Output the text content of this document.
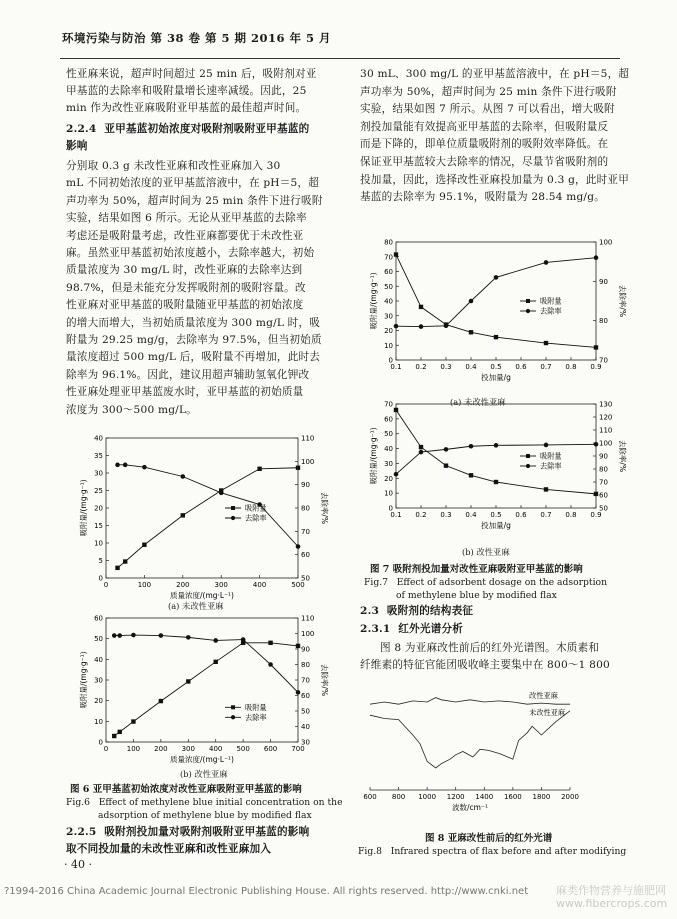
环境污染与防治 第 38 卷 第 5 期 2016 年 5 月

性亚麻来说，超声时间超过 25 min 后，吸附剂对亚

甲基蓝的去除率和吸附量增长速率减缓。因此，25

min 作为改性亚麻吸附亚甲基蓝的最佳超声时间。

2.2.4 亚甲基蓝初始浓度对吸附剂吸附亚甲基蓝的

影响

分别取 0.3 g 未改性亚麻和改性亚麻加入 30

mL 不同初始浓度的亚甲基蓝溶液中，在 pH＝5，超

声功率为 50%，超声时间为 25 min 条件下进行吸附

实验，结果如图 6 所示。无论从亚甲基蓝的去除率

考虑还是吸附量考虑，改性亚麻都要优于未改性亚

麻。虽然亚甲基蓝初始浓度越小，去除率越大，初始

质量浓度为 30 mg/L 时，改性亚麻的去除率达到

98.7%，但是未能充分发挥吸附剂的吸附容量。改

性亚麻对亚甲基蓝的吸附量随亚甲基蓝的初始浓度

的增大而增大，当初始质量浓度为 300 mg/L 时，吸

附量为 29.25 mg/g，去除率为 97.5%，但当初始质

量浓度超过 500 mg/L 后，吸附量不再增加，此时去

除率为 96.1%。因此，建议用超声辅助氢氧化钾改

性亚麻处理亚甲基蓝废水时，亚甲基蓝的初始质量

浓度为 300～500 mg/L。

0	100	200	300	400	500
0
5
10
15
20
25
30
35
40
50
60
70
80
90
100
110
质量浓度/(mg·L⁻¹)
吸附量/(mg·g⁻¹)	去除率/%
吸附量
去除率
(a) 未改性亚麻
0	100 200 300 400 500 600 700
0
10
20
30
40
50
60
30
40
50
60
70
80
90
100
110
质量浓度/(mg·L⁻¹)
吸附量/(mg·g⁻¹)	去除率/%
吸附量
去除率
(b) 改性亚麻
图 6 亚甲基蓝初始浓度对改性亚麻吸附亚甲基蓝的影响
Fig.6   Effect of methylene blue initial concentration on the
adsorption of methylene blue by modified flax

2.2.5 吸附剂投加量对吸附剂吸附亚甲基蓝的影响

取不同投加量的未改性亚麻和改性亚麻加入

· 40 ·

30 mL、300 mg/L 的亚甲基蓝溶液中，在 pH＝5，超

声功率为 50%，超声时间为 25 min 条件下进行吸附

实验，结果如图 7 所示。从图 7 可以看出，增大吸附

剂投加量能有效提高亚甲基蓝的去除率，但吸附量反

而是下降的，即单位质量吸附剂的吸附效率降低。在

保证亚甲基蓝较大去除率的情况，尽量节省吸附剂的

投加量，因此，选择改性亚麻投加量为 0.3 g，此时亚甲

基蓝的去除率为 95.1%，吸附量为 28.54 mg/g。

0.1 0.2 0.3 0.4 0.5 0.6 0.7 0.8 0.9
0
10
20
30
40
50
60
70
80
70
80
90
100
投加量/g
吸附量/(mg·g⁻¹)	去除率/%
吸附量
去除率
(a) 未改性亚麻
0.1 0.2 0.3 0.4 0.5 0.6 0.7 0.8 0.9
0
10
20
30
40
50
60
70
50
60
70
80
90
100
110
120
130
投加量/g
吸附量/(mg·g⁻¹)	去除率/%
吸附量
去除率
(b) 改性亚麻
图 7 吸附剂投加量对改性亚麻吸附亚甲基蓝的影响
Fig.7   Effect of adsorbent dosage on the adsorption
of methylene blue by modified flax

2.3 吸附剂的结构表征

2.3.1 红外光谱分析

图 8 为亚麻改性前后的红外光谱图。木质素和

纤维素的特征官能团吸收峰主要集中在 800～1 800

600 800 1000 1200 1400 1600 1800 2000
波数/cm⁻¹
改性亚麻
未改性亚麻
图 8 亚麻改性前后的红外光谱
Fig.8   Infrared spectra of flax before and after modifying
?1994-2016 China Academic Journal Electronic Publishing House. All rights reserved. http://www.cnki.net	麻类作物营养与施肥网
www.fibercrops.com
